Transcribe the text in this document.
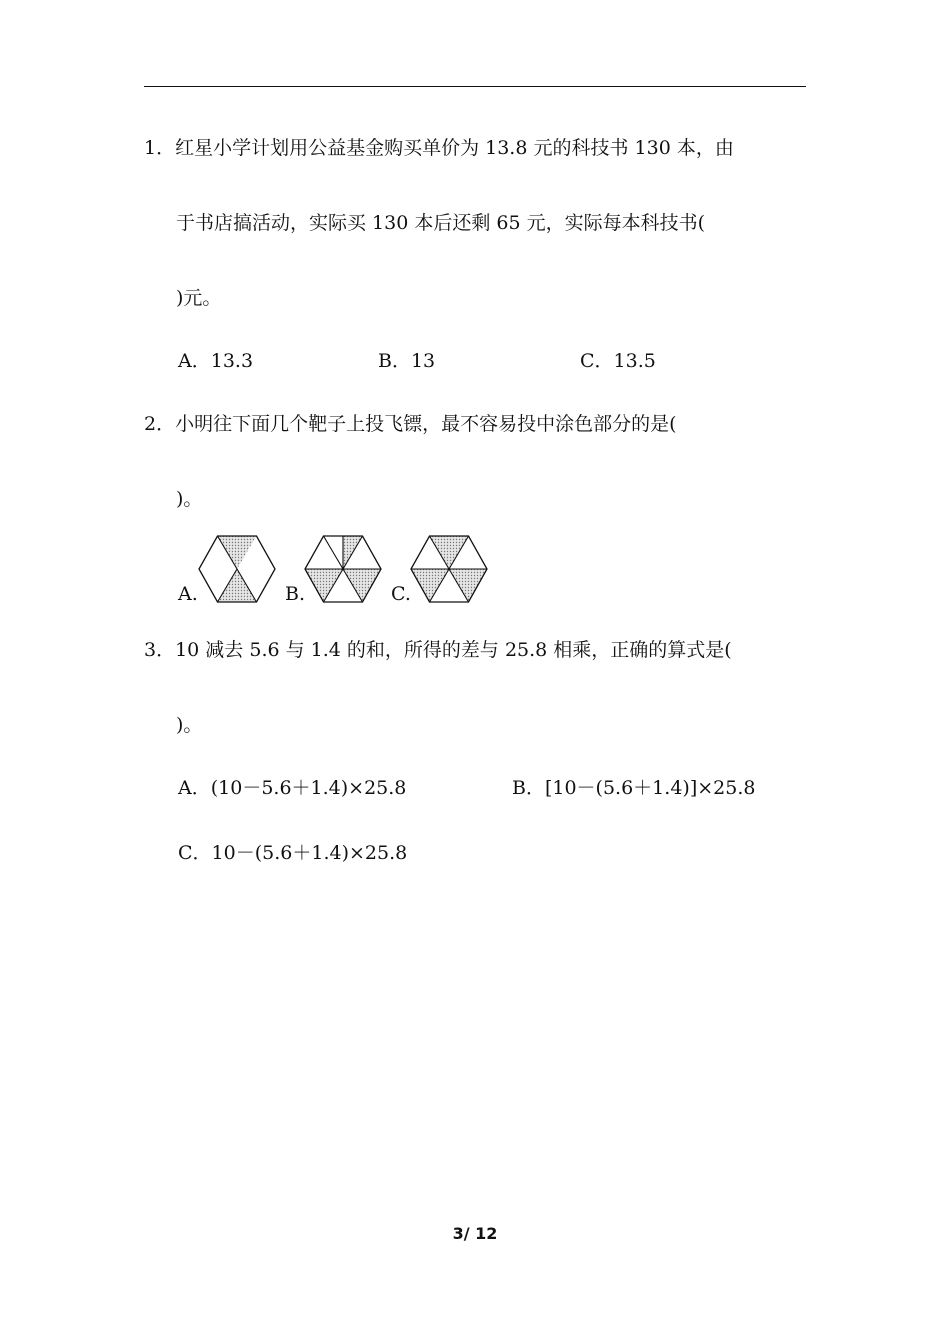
1．红星小学计划用公益基金购买单价为 13.8 元的科技书 130 本，由
于书店搞活动，实际买 130 本后还剩 65 元，实际每本科技书(
)元。
A．13.3	B．13	C．13.5
2．小明往下面几个靶子上投飞镖，最不容易投中涂色部分的是(
)。
A.	B.	C.
3．10 减去 5.6 与 1.4 的和，所得的差与 25.8 相乘，正确的算式是(
)。
A．(10－5.6＋1.4)×25.8	B．[10－(5.6＋1.4)]×25.8
C．10－(5.6＋1.4)×25.8
3/ 12
